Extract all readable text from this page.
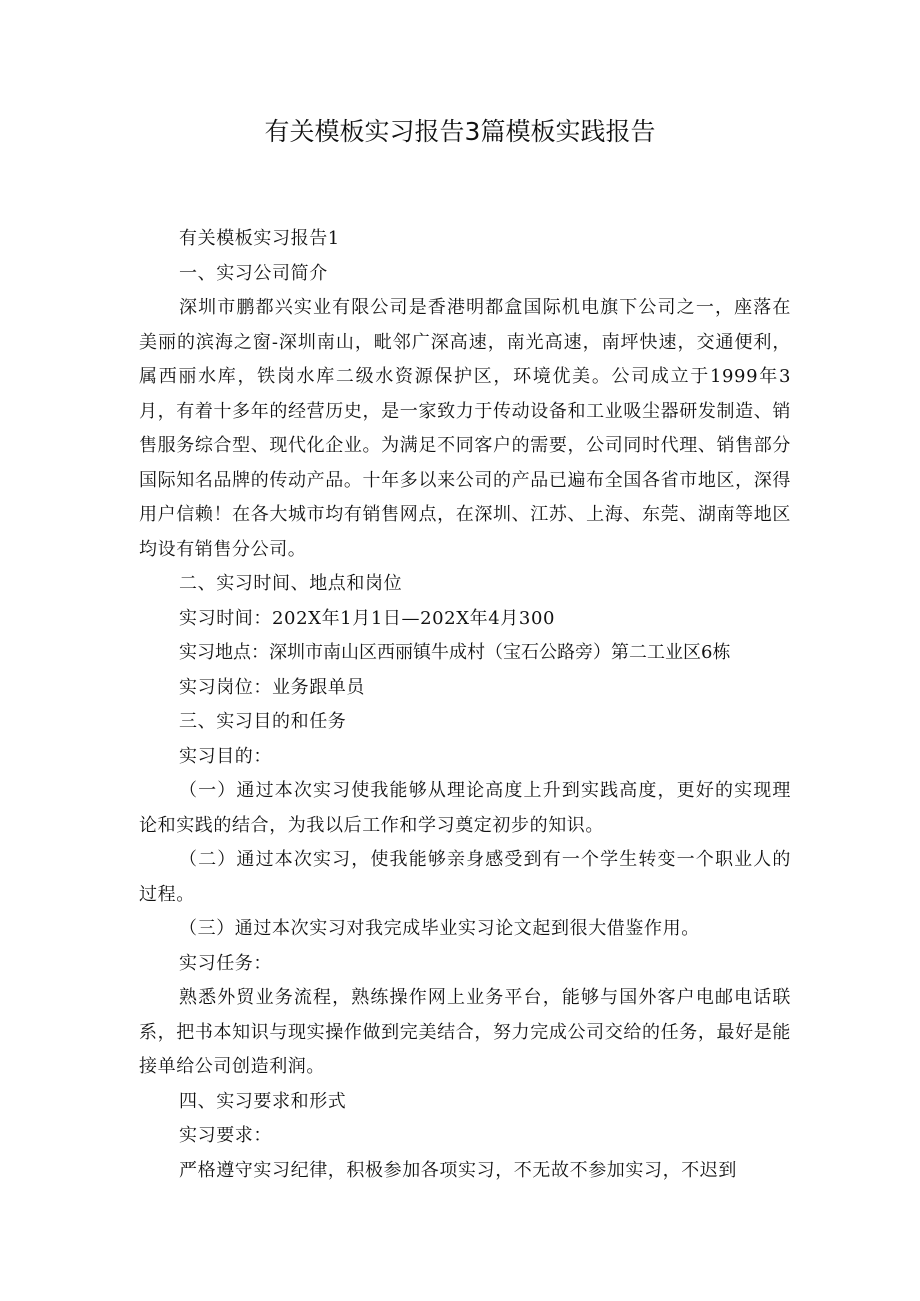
有关模板实习报告3篇模板实践报告

有关模板实习报告1

一、实习公司简介

深圳市鹏都兴实业有限公司是香港明都盒国际机电旗下公司之一，座落在美丽的滨海之窗-深圳南山，毗邻广深高速，南光高速，南坪快速，交通便利，属西丽水库，铁岗水库二级水资源保护区，环境优美。公司成立于1999年3月，有着十多年的经营历史，是一家致力于传动设备和工业吸尘器研发制造、销售服务综合型、现代化企业。为满足不同客户的需要，公司同时代理、销售部分国际知名品牌的传动产品。十年多以来公司的产品已遍布全国各省市地区，深得用户信赖！在各大城市均有销售网点，在深圳、江苏、上海、东莞、湖南等地区均设有销售分公司。

二、实习时间、地点和岗位

实习时间：202X年1月1日—202X年4月300

实习地点：深圳市南山区西丽镇牛成村（宝石公路旁）第二工业区6栋

实习岗位：业务跟单员

三、实习目的和任务

实习目的：

（一）通过本次实习使我能够从理论高度上升到实践高度，更好的实现理论和实践的结合，为我以后工作和学习奠定初步的知识。

（二）通过本次实习，使我能够亲身感受到有一个学生转变一个职业人的过程。

（三）通过本次实习对我完成毕业实习论文起到很大借鉴作用。

实习任务：

熟悉外贸业务流程，熟练操作网上业务平台，能够与国外客户电邮电话联系，把书本知识与现实操作做到完美结合，努力完成公司交给的任务，最好是能接单给公司创造利润。

四、实习要求和形式

实习要求：

严格遵守实习纪律，积极参加各项实习，不无故不参加实习，不迟到
